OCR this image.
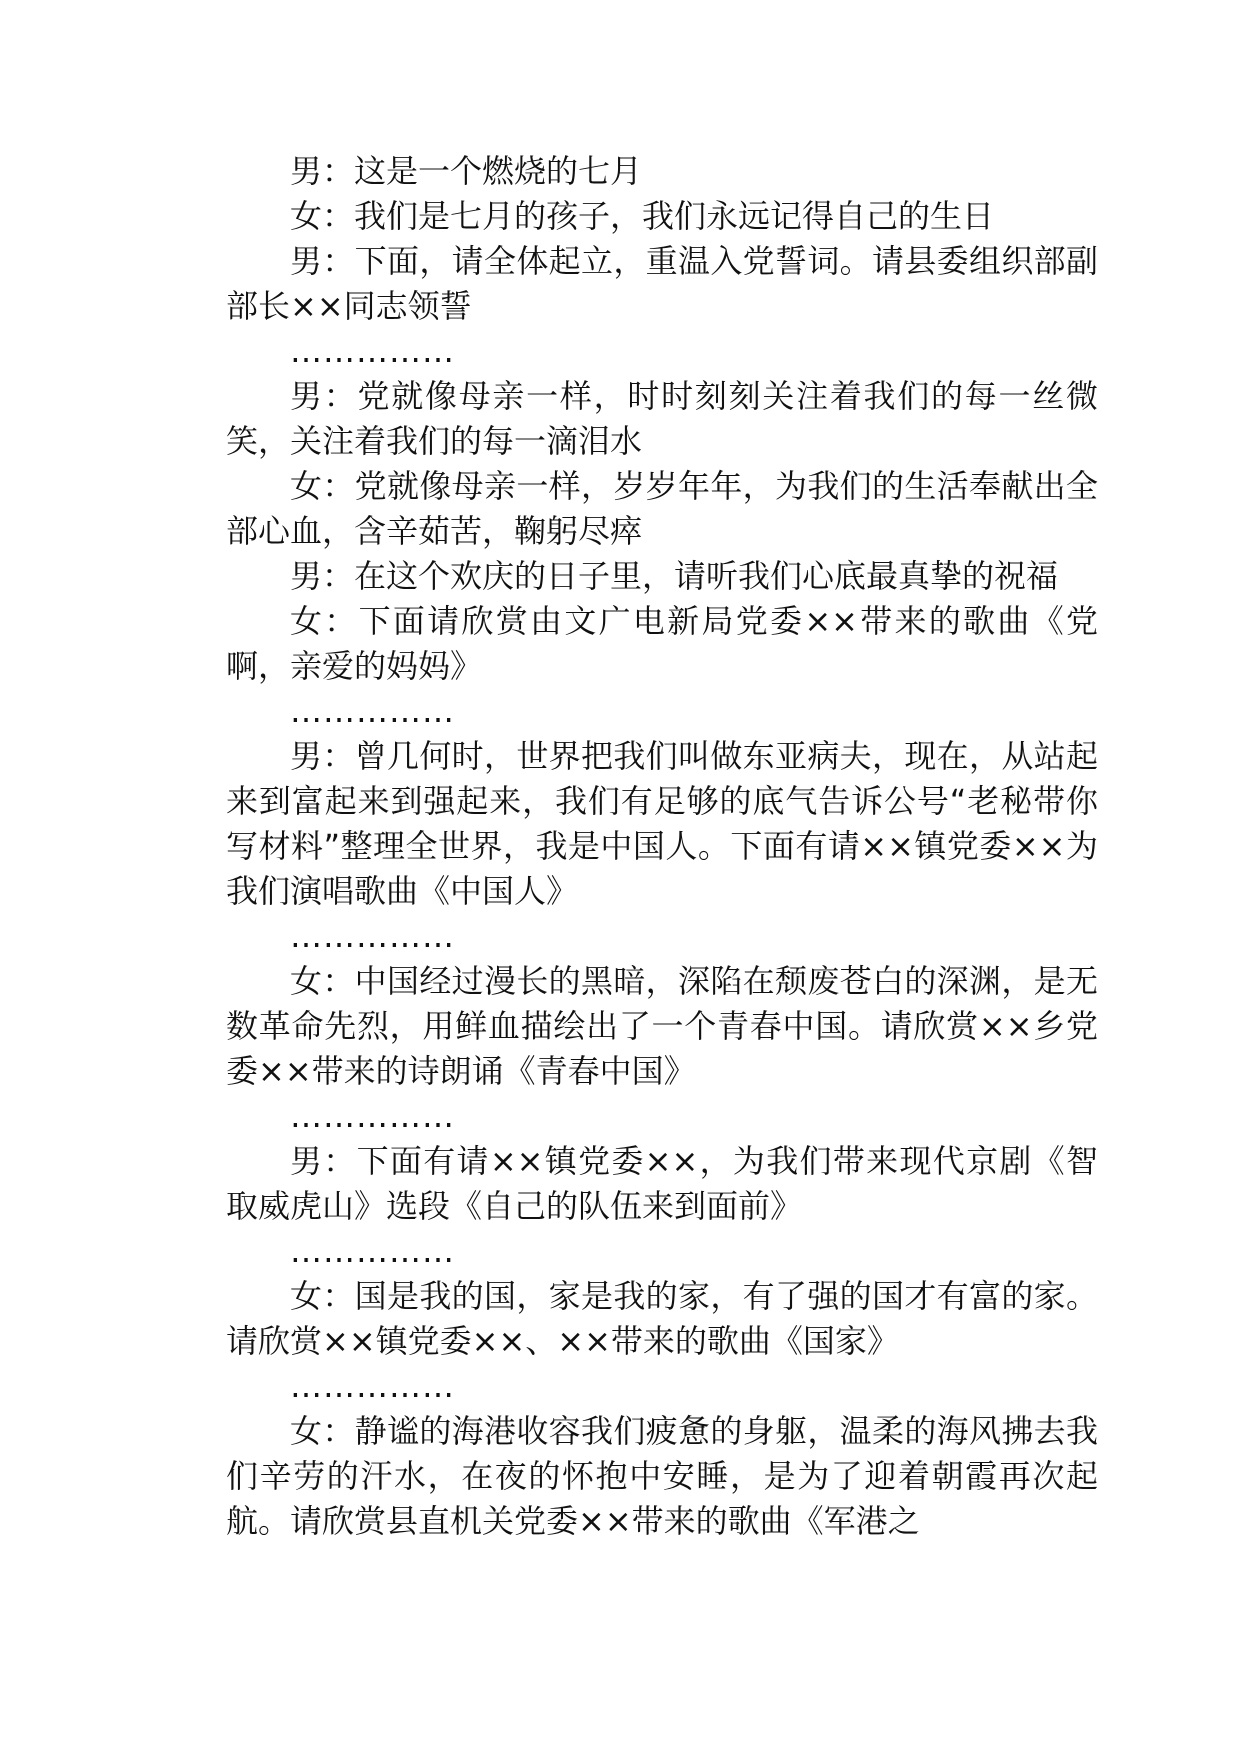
男：这是一个燃烧的七月

女：我们是七月的孩子，我们永远记得自己的生日

男：下面，请全体起立，重温入党誓词。请县委组织部副部长××同志领誓

……………

男：党就像母亲一样，时时刻刻关注着我们的每一丝微笑，关注着我们的每一滴泪水

女：党就像母亲一样，岁岁年年，为我们的生活奉献出全部心血，含辛茹苦，鞠躬尽瘁

男：在这个欢庆的日子里，请听我们心底最真挚的祝福

女：下面请欣赏由文广电新局党委××带来的歌曲《党啊，亲爱的妈妈》

……………

男：曾几何时，世界把我们叫做东亚病夫，现在，从站起来到富起来到强起来，我们有足够的底气告诉公号“老秘带你写材料”整理全世界，我是中国人。下面有请××镇党委××为我们演唱歌曲《中国人》

……………

女：中国经过漫长的黑暗，深陷在颓废苍白的深渊，是无数革命先烈，用鲜血描绘出了一个青春中国。请欣赏××乡党委××带来的诗朗诵《青春中国》

……………

男：下面有请××镇党委××，为我们带来现代京剧《智取威虎山》选段《自己的队伍来到面前》

……………

女：国是我的国，家是我的家，有了强的国才有富的家。请欣赏××镇党委××、××带来的歌曲《国家》

……………

女：静谧的海港收容我们疲惫的身躯，温柔的海风拂去我们辛劳的汗水，在夜的怀抱中安睡，是为了迎着朝霞再次起航。请欣赏县直机关党委××带来的歌曲《军港之
